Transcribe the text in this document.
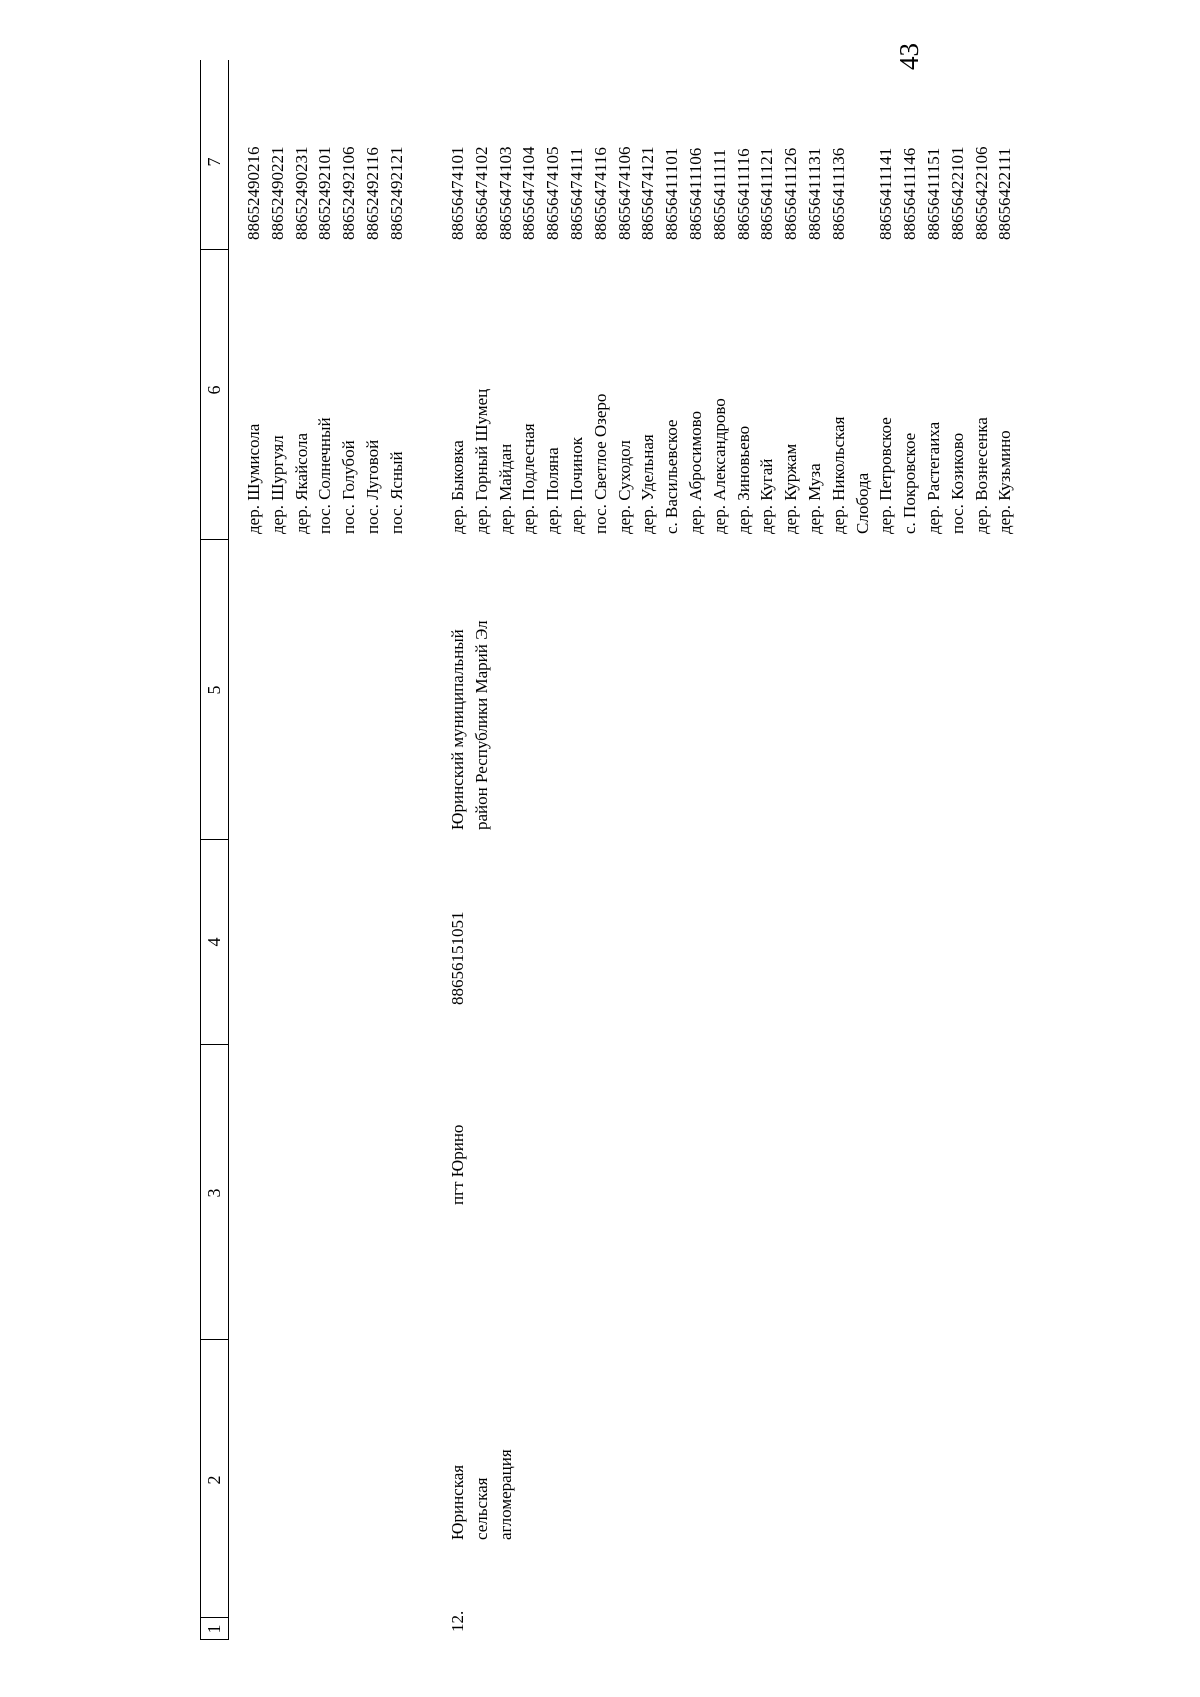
43
1
2
3
4
5
6
7
дер. Шумисола дер. Шургуял дер. Якайсола пос. Солнечный пос. Голубой пос. Луговой пос. Ясный
88652490216 88652490221 88652490231 88652492101 88652492106 88652492116 88652492121
12.
Юринская сельская агломерация
пгт Юрино
88656151051
Юринский муниципальный район Республики Марий Эл
дер. Быковка дер. Горный Шумец дер. Майдан дер. Подлесная дер. Поляна дер. Починок пос. Светлое Озеро дер. Суходол дер. Удельная с. Васильевское дер. Абросимово дер. Александрово дер. Зиновьево дер. Кугай дер. Куржам дер. Муза дер. Никольская Слобода дер. Петровское с. Покровское дер. Растегаиха пос. Козиково дер. Вознесенка дер. Кузьмино
88656474101 88656474102 88656474103 88656474104 88656474105 88656474111 88656474116 88656474106 88656474121 88656411101 88656411106 88656411111 88656411116 88656411121 88656411126 88656411131 88656411136 88656411141 88656411146 88656411151 88656422101 88656422106 88656422111
